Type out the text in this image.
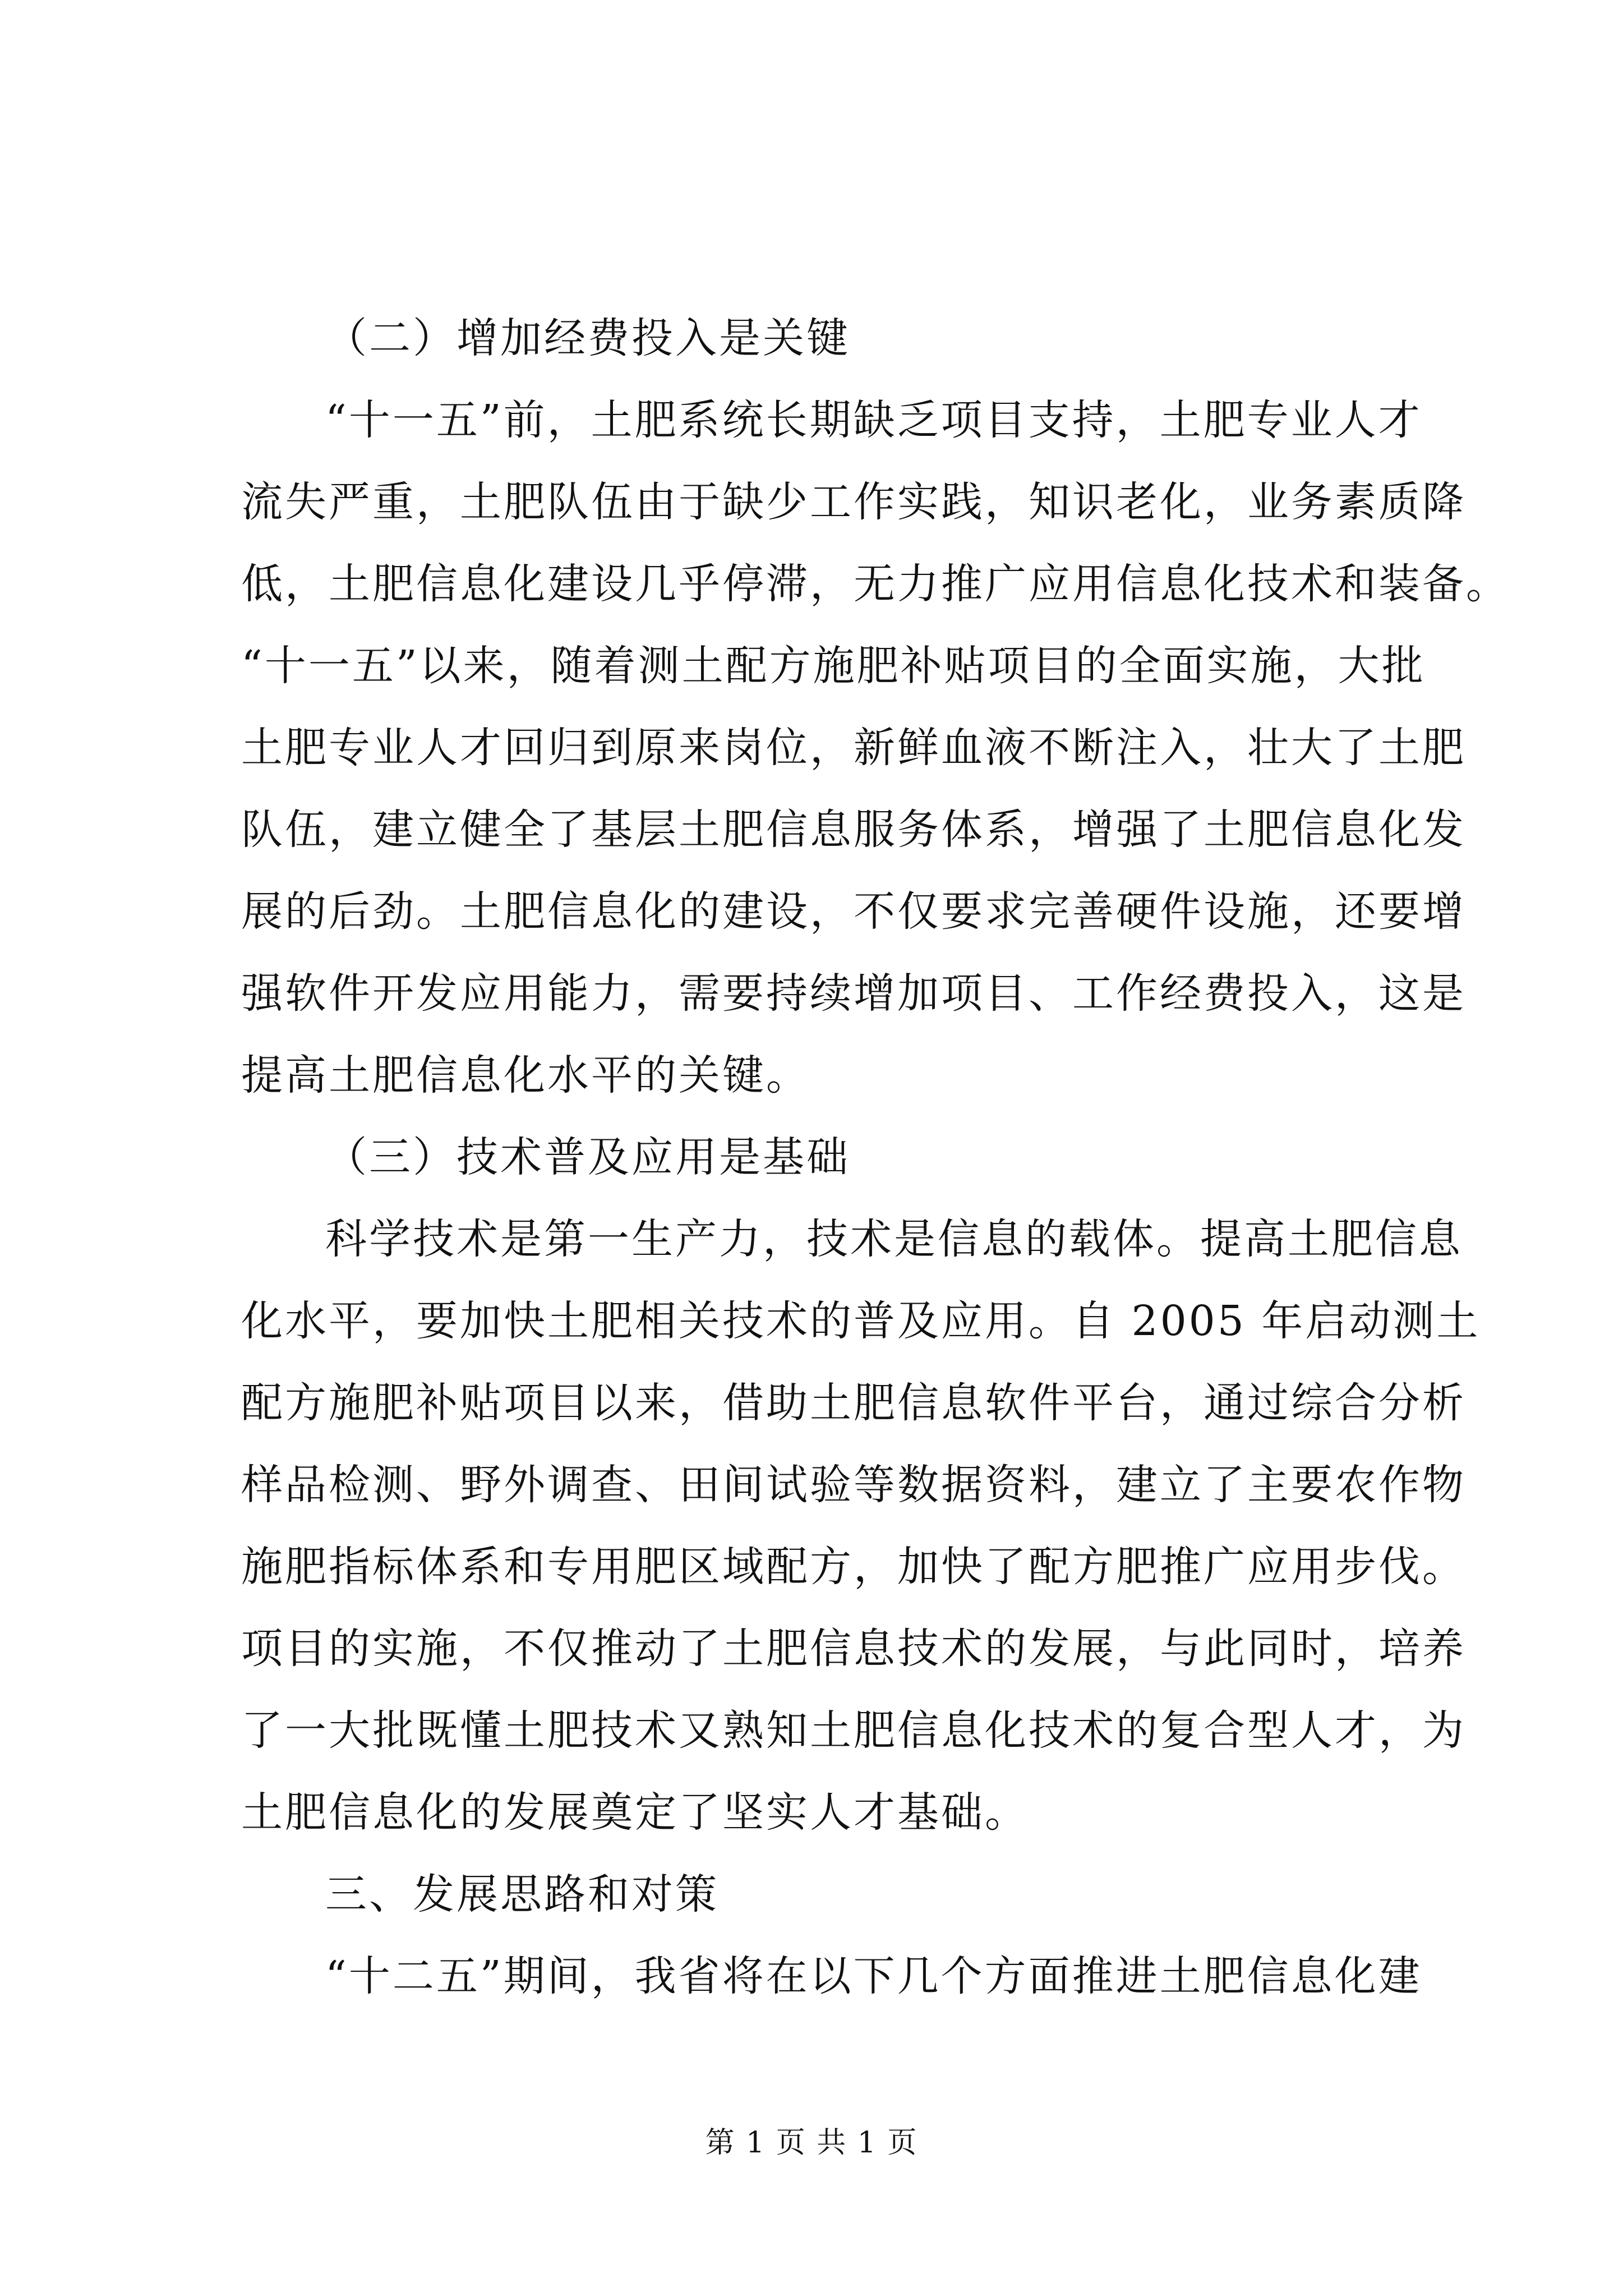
（二）增加经费投入是关键
“十一五”前，土肥系统长期缺乏项目支持，土肥专业人才
流失严重，土肥队伍由于缺少工作实践，知识老化，业务素质降
低，土肥信息化建设几乎停滞，无力推广应用信息化技术和装备。
“十一五”以来，随着测土配方施肥补贴项目的全面实施，大批
土肥专业人才回归到原来岗位，新鲜血液不断注入，壮大了土肥
队伍，建立健全了基层土肥信息服务体系，增强了土肥信息化发
展的后劲。土肥信息化的建设，不仅要求完善硬件设施，还要增
强软件开发应用能力，需要持续增加项目、工作经费投入，这是
提高土肥信息化水平的关键。
（三）技术普及应用是基础
科学技术是第一生产力，技术是信息的载体。提高土肥信息
化水平，要加快土肥相关技术的普及应用。自 2005 年启动测土
配方施肥补贴项目以来，借助土肥信息软件平台，通过综合分析
样品检测、野外调查、田间试验等数据资料，建立了主要农作物
施肥指标体系和专用肥区域配方，加快了配方肥推广应用步伐。
项目的实施，不仅推动了土肥信息技术的发展，与此同时，培养
了一大批既懂土肥技术又熟知土肥信息化技术的复合型人才，为
土肥信息化的发展奠定了坚实人才基础。
三、发展思路和对策
“十二五”期间，我省将在以下几个方面推进土肥信息化建
第 1 页 共 1 页
